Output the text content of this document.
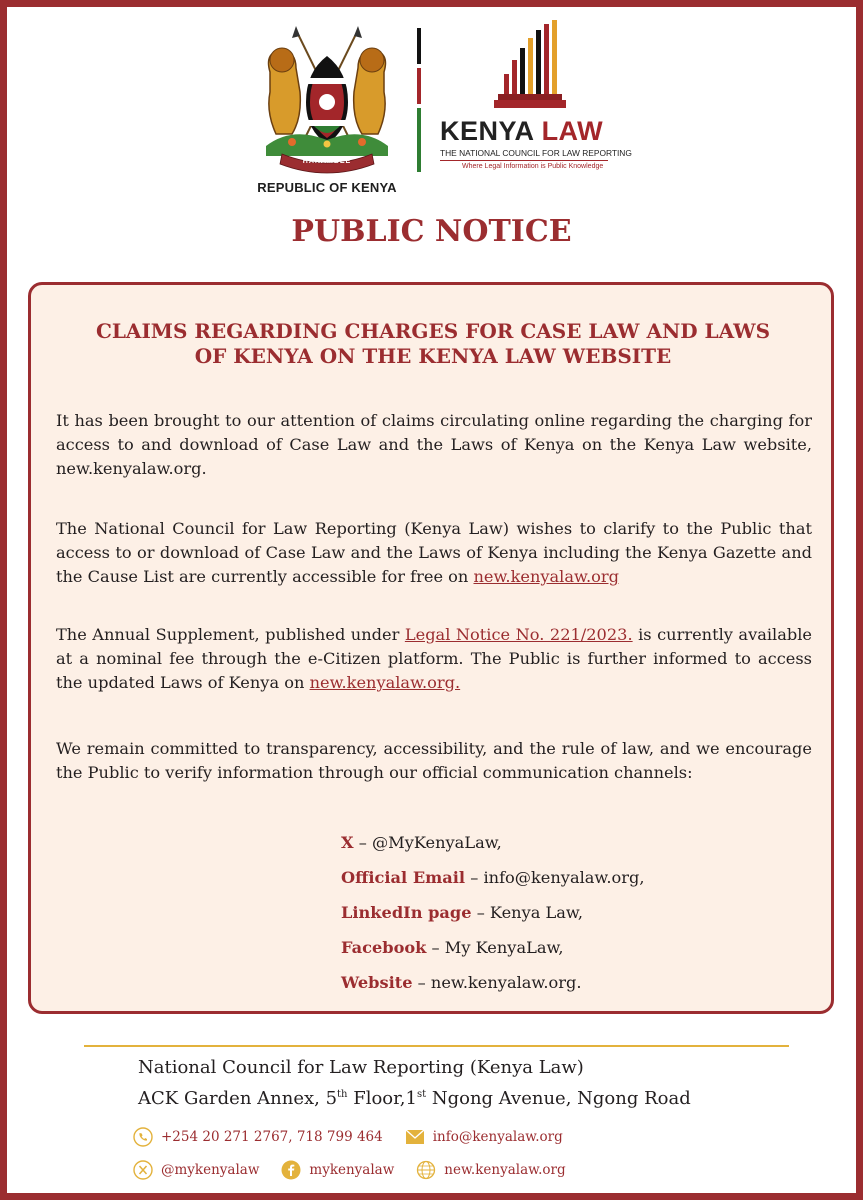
HARAMBEE
REPUBLIC OF KENYA
KENYA LAW
THE NATIONAL COUNCIL FOR LAW REPORTING
Where Legal Information is Public Knowledge
PUBLIC NOTICE
CLAIMS REGARDING CHARGES FOR CASE LAW AND LAWS
OF KENYA ON THE KENYA LAW WEBSITE
It has been brought to our attention of claims circulating online regarding the charging for access to and download of Case Law and the Laws of Kenya on the Kenya Law website, new.kenyalaw.org.
The National Council for Law Reporting (Kenya Law) wishes to clarify to the Public that access to or download of Case Law and the Laws of Kenya including the Kenya Gazette and the Cause List are currently accessible for free on new.kenyalaw.org
The Annual Supplement, published under Legal Notice No. 221/2023. is currently available at a nominal fee through the e-Citizen platform. The Public is further informed to access the updated Laws of Kenya on new.kenyalaw.org.
We remain committed to transparency, accessibility, and the rule of law, and we encourage the Public to verify information through our official communication channels:
X – @MyKenyaLaw,
Official Email – info@kenyalaw.org,
LinkedIn page – Kenya Law,
Facebook – My KenyaLaw,
Website – new.kenyalaw.org.
National Council for Law Reporting (Kenya Law)
ACK Garden Annex, 5th Floor,1st Ngong Avenue, Ngong Road
+254 20 271 2767, 718 799 464	info@kenyalaw.org
@mykenyalaw	mykenyalaw	new.kenyalaw.org
